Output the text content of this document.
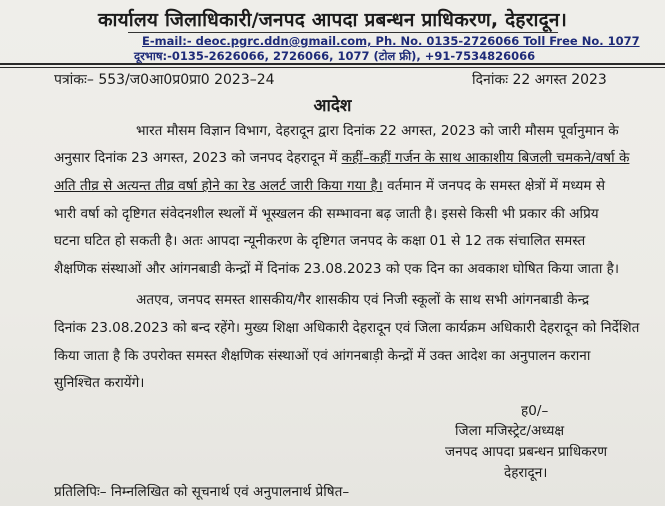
कार्यालय जिलाधिकारी/जनपद आपदा प्रबन्धन प्राधिकरण, देहरादून।
E-mail:- deoc.pgrc.ddn@gmail.com, Ph. No. 0135-2726066 Toll Free No. 1077
दूरभाष:-0135-2626066, 2726066, 1077 (टोल फ्री), +91-7534826066
पत्रांकः– 553/ज0आ0प्र0प्रा0 2023–24	दिनांकः 22 अगस्त 2023
आदेश
भारत मौसम विज्ञान विभाग, देहरादून द्वारा दिनांक 22 अगस्त, 2023 को जारी मौसम पूर्वानुमान के
अनुसार दिनांक 23 अगस्त, 2023 को जनपद देहरादून में कहीं–कहीं गर्जन के साथ आकाशीय बिजली चमकने/वर्षा के
अति तीव्र से अत्यन्त तीव्र वर्षा होने का रेड अलर्ट जारी किया गया है। वर्तमान में जनपद के समस्त क्षेत्रों में मध्यम से
भारी वर्षा को दृष्टिगत संवेदनशील स्थलों में भूस्खलन की सम्भावना बढ़ जाती है। इससे किसी भी प्रकार की अप्रिय
घटना घटित हो सकती है। अतः आपदा न्यूनीकरण के दृष्टिगत जनपद के कक्षा 01 से 12 तक संचालित समस्त
शैक्षणिक संस्थाओं और आंगनबाडी केन्द्रों में दिनांक 23.08.2023 को एक दिन का अवकाश घोषित किया जाता है।
अतएव, जनपद समस्त शासकीय/गैर शासकीय एवं निजी स्कूलों के साथ सभी आंगनबाडी केन्द्र
दिनांक 23.08.2023 को बन्द रहेंगे। मुख्य शिक्षा अधिकारी देहरादून एवं जिला कार्यक्रम अधिकारी देहरादून को निर्देशित
किया जाता है कि उपरोक्त समस्त शैक्षणिक संस्थाओं एवं आंगनबाड़ी केन्द्रों में उक्त आदेश का अनुपालन कराना
सुनिश्चित करायेंगे।
ह0/–
जिला मजिस्ट्रेट/अध्यक्ष
जनपद आपदा प्रबन्धन प्राधिकरण
देहरादून।
प्रतिलिपिः– निम्नलिखित को सूचनार्थ एवं अनुपालनार्थ प्रेषित–
